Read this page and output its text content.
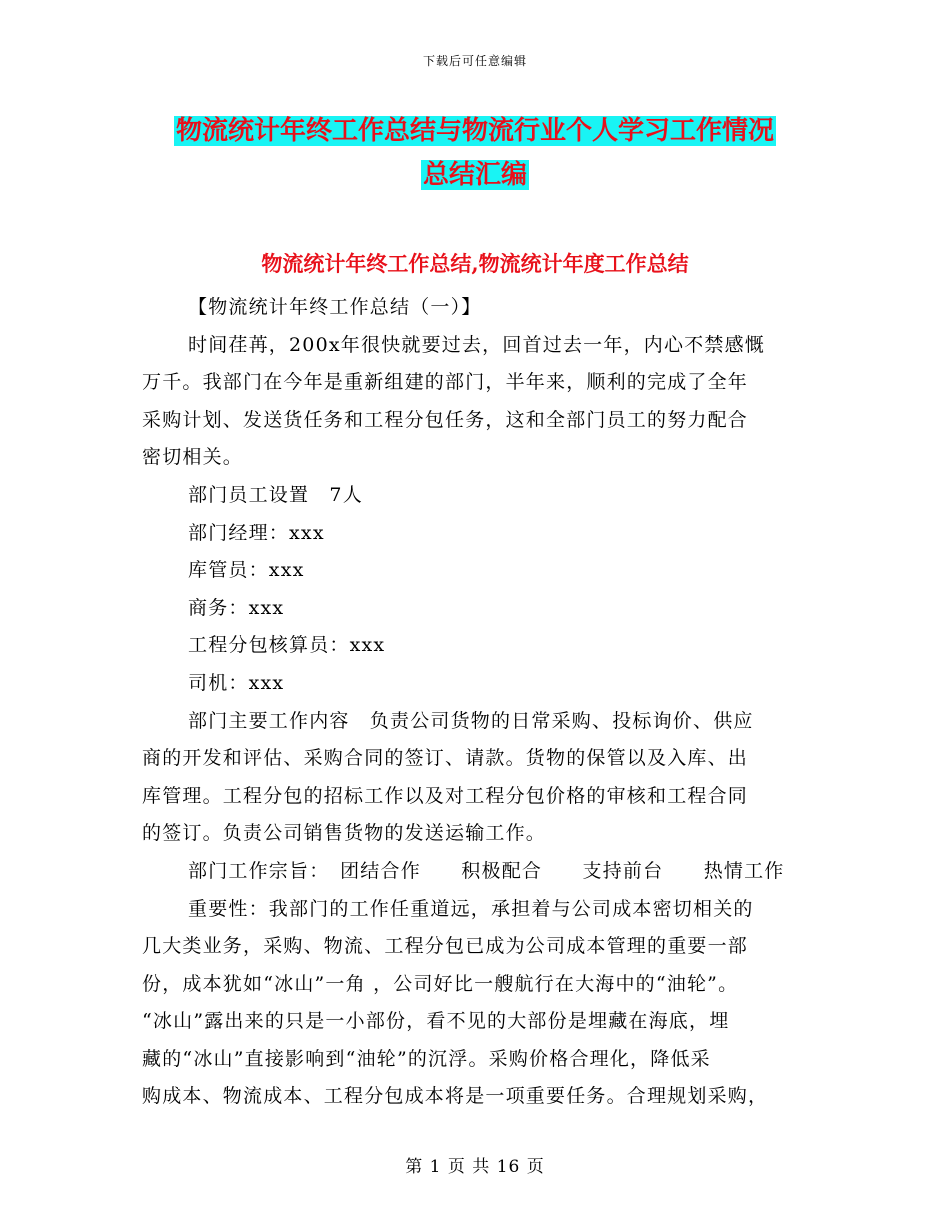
下载后可任意编辑
物流统计年终工作总结与物流行业个人学习工作情况
总结汇编
物流统计年终工作总结,物流统计年度工作总结
【物流统计年终工作总结（一）】
时间荏苒，200x年很快就要过去，回首过去一年，内心不禁感慨
万千。我部门在今年是重新组建的部门，半年来，顺利的完成了全年
采购计划、发送货任务和工程分包任务，这和全部门员工的努力配合
密切相关。
部门员工设置　7人
部门经理：xxx
库管员：xxx
商务：xxx
工程分包核算员：xxx
司机：xxx
部门主要工作内容　负责公司货物的日常采购、投标询价、供应
商的开发和评估、采购合同的签订、请款。货物的保管以及入库、出
库管理。工程分包的招标工作以及对工程分包价格的审核和工程合同
的签订。负责公司销售货物的发送运输工作。
部门工作宗旨：　团结合作　　积极配合　　支持前台　　热情工作
重要性：我部门的工作任重道远，承担着与公司成本密切相关的
几大类业务，采购、物流、工程分包已成为公司成本管理的重要一部
份，成本犹如“冰山”一角 ，公司好比一艘航行在大海中的“油轮”。
“冰山”露出来的只是一小部份，看不见的大部份是埋藏在海底，埋
藏的“冰山”直接影响到“油轮”的沉浮。采购价格合理化，降低采
购成本、物流成本、工程分包成本将是一项重要任务。合理规划采购，
第 1 页 共 16 页
